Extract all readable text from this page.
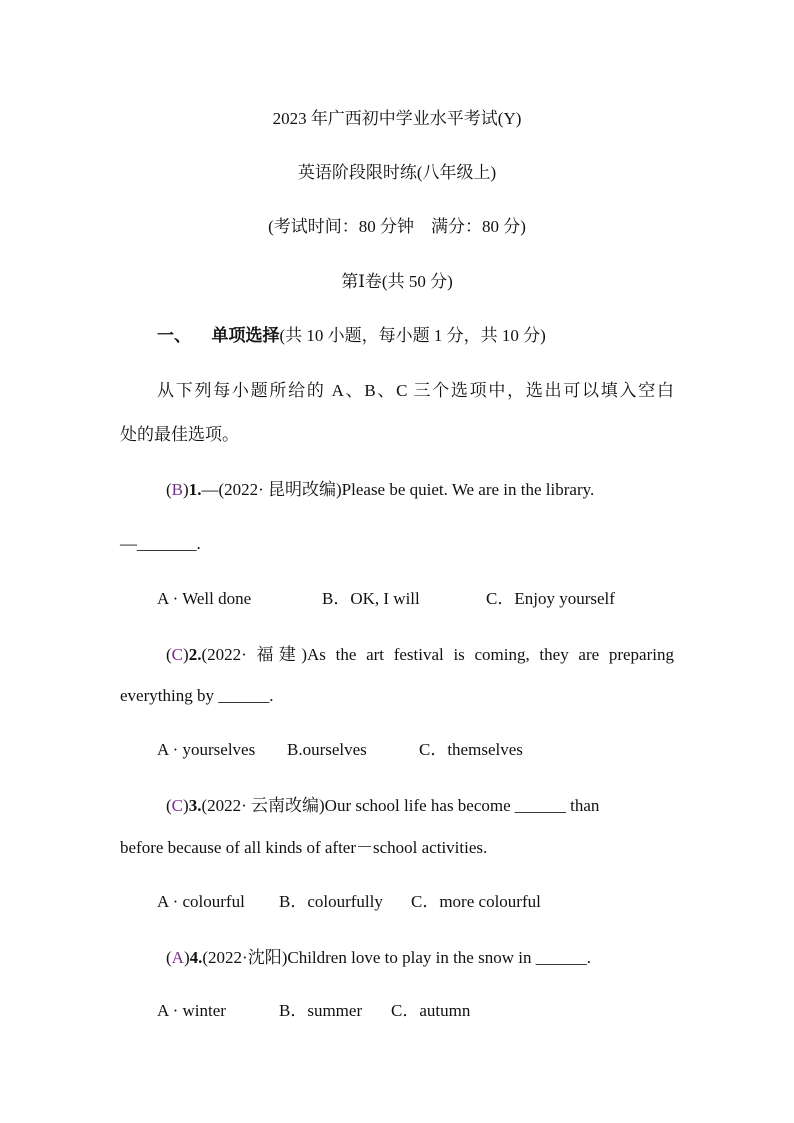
2023 年广西初中学业水平考试(Y)
英语阶段限时练(八年级上)
(考试时间：80 分钟　满分：80 分)
第Ⅰ卷(共 50 分)
一、 单项选择(共 10 小题，每小题 1 分，共 10 分)
从下列每小题所给的 A、B、C 三个选项中，选出可以填入空白
处的最佳选项。
(B)1.—(2022· 昆明改编)Please be quiet. We are in the library.
—_______.
A · Well done	B．OK, I will	C．Enjoy yourself
(C)2.(2022· 福建)As the art festival is coming, they are preparing
everything by ______.
A · yourselves B.ourselves	C．themselves
(C)3.(2022· 云南改编)Our school life has become ______ than
before because of all kinds of after－school activities.
A · colourful B．colourfully C．more colourful
(A)4.(2022·沈阳)Children love to play in the snow in ______.
A · winter	B．summer C．autumn
